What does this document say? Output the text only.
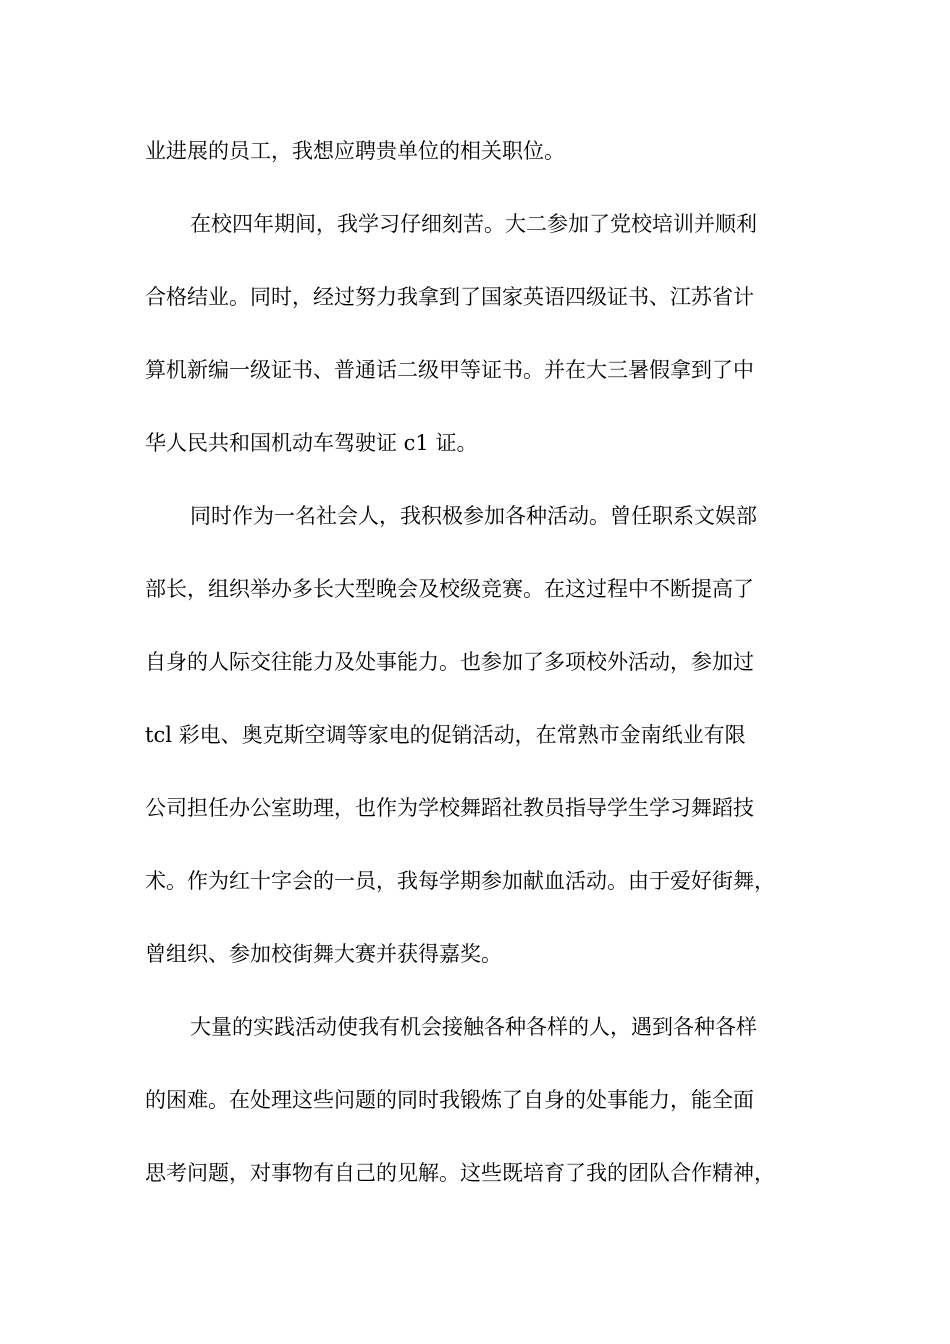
业进展的员工，我想应聘贵单位的相关职位。
在校四年期间，我学习仔细刻苦。大二参加了党校培训并顺利
合格结业。同时，经过努力我拿到了国家英语四级证书、江苏省计
算机新编一级证书、普通话二级甲等证书。并在大三暑假拿到了中
华人民共和国机动车驾驶证 c1 证。
同时作为一名社会人，我积极参加各种活动。曾任职系文娱部
部长，组织举办多长大型晚会及校级竞赛。在这过程中不断提高了
自身的人际交往能力及处事能力。也参加了多项校外活动，参加过
tcl 彩电、奥克斯空调等家电的促销活动，在常熟市金南纸业有限
公司担任办公室助理，也作为学校舞蹈社教员指导学生学习舞蹈技
术。作为红十字会的一员，我每学期参加献血活动。由于爱好街舞，
曾组织、参加校街舞大赛并获得嘉奖。
大量的实践活动使我有机会接触各种各样的人，遇到各种各样
的困难。在处理这些问题的同时我锻炼了自身的处事能力，能全面
思考问题，对事物有自己的见解。这些既培育了我的团队合作精神，
